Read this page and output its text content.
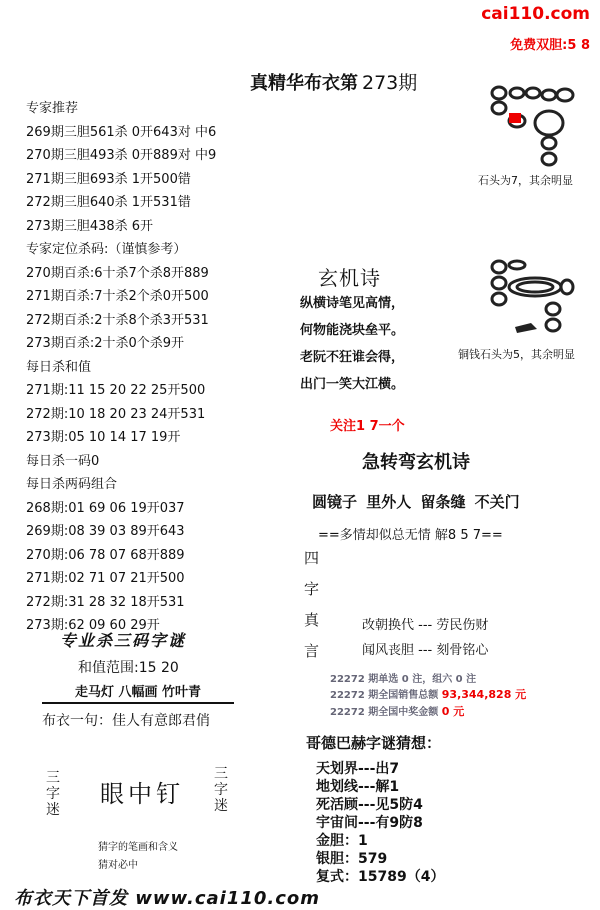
cai110.com
免费双胆:5 8
真精华布衣第 273期
专家推荐
269期三胆561杀 0开643对 中6
270期三胆493杀 0开889对 中9
271期三胆693杀 1开500错
272期三胆640杀 1开531错
273期三胆438杀 6开
专家定位杀码:（谨慎参考）
270期百杀:6十杀7个杀8开889
271期百杀:7十杀2个杀0开500
272期百杀:2十杀8个杀3开531
273期百杀:2十杀0个杀9开
每日杀和值
271期:11 15 20 22 25开500
272期:10 18 20 23 24开531
273期:05 10 14 17 19开
每日杀一码0
每日杀两码组合
268期:01 69 06 19开037
269期:08 39 03 89开643
270期:06 78 07 68开889
271期:02 71 07 21开500
272期:31 28 32 18开531
273期:62 09 60 29开
专业杀三码字谜
和值范围:15 20
走马灯 八幅画 竹叶青
布衣一句：佳人有意郎君俏
三
字
迷
眼中钉
三
字
迷
猜字的笔画和含义
猜对必中
布衣天下首发 www.cai110.com
石头为7，其余明显
铜钱石头为5，其余明显
玄机诗
纵横诗笔见高情，
何物能浇块垒平。
老阮不狂谁会得，
出门一笑大江横。
关注1 7一个
急转弯玄机诗
圆镜子 里外人 留条缝 不关门
==多情却似总无情 解8 5 7==
四
字
真
言
改朝换代 --- 劳民伤财
闻风丧胆 --- 刻骨铭心
22272 期单选 0 注，组六 0 注
22272 期全国销售总额 93,344,828 元
22272 期全国中奖金额 0 元
哥德巴赫字谜猜想：
天划界---出7
地划线---解1
死活顾---见5防4
宇宙间---有9防8
金胆：1
银胆：579
复式：15789（4）
